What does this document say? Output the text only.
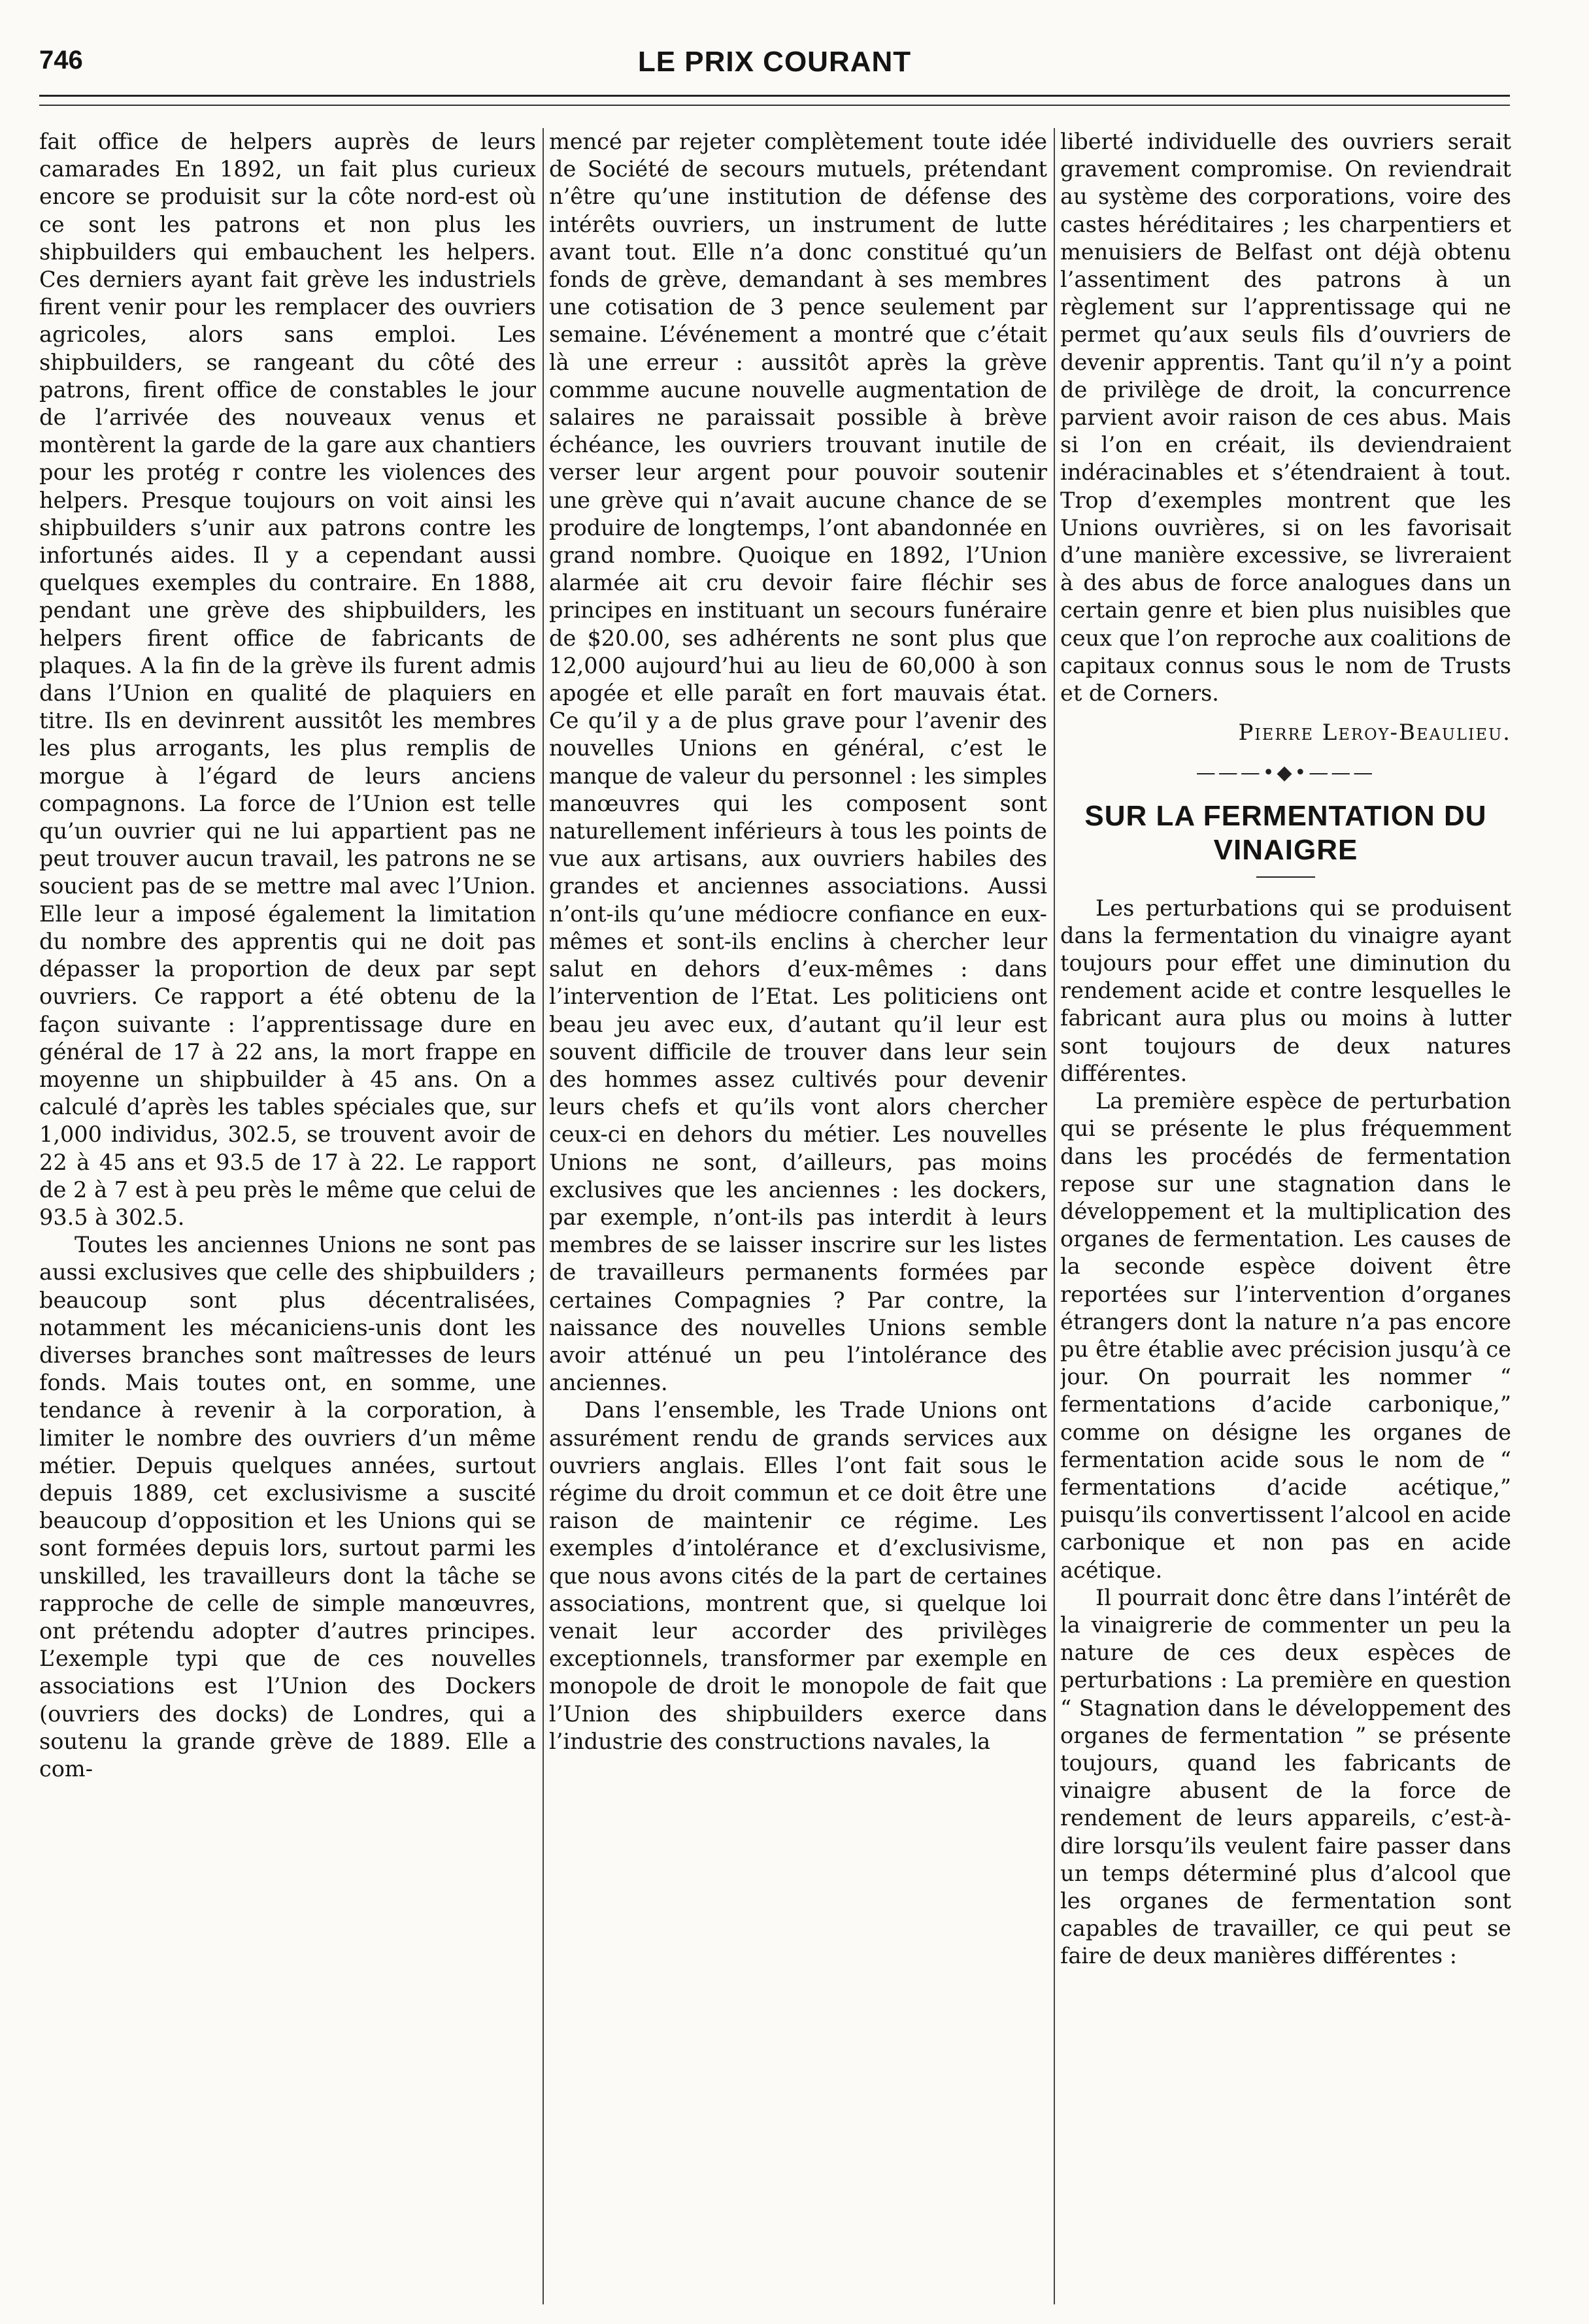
746	LE PRIX COURANT

fait office de helpers auprès de leurs camarades En 1892, un fait plus curieux encore se produisit sur la côte nord-est où ce sont les patrons et non plus les shipbuilders qui embauchent les helpers. Ces derniers ayant fait grève les industriels firent venir pour les remplacer des ouvriers agricoles, alors sans emploi. Les shipbuilders, se rangeant du côté des patrons, firent office de constables le jour de l’arrivée des nouveaux venus et montèrent la garde de la gare aux chantiers pour les protég r contre les violences des helpers. Presque toujours on voit ainsi les shipbuilders s’unir aux patrons contre les infortunés aides. Il y a cependant aussi quelques exemples du contraire. En 1888, pendant une grève des shipbuilders, les helpers firent office de fabricants de plaques. A la fin de la grève ils furent admis dans l’Union en qualité de plaquiers en titre. Ils en devinrent aussitôt les membres les plus arrogants, les plus remplis de morgue à l’égard de leurs anciens compagnons. La force de l’Union est telle qu’un ouvrier qui ne lui appartient pas ne peut trouver aucun travail, les patrons ne se soucient pas de se mettre mal avec l’Union. Elle leur a imposé également la limitation du nombre des apprentis qui ne doit pas dépasser la proportion de deux par sept ouvriers. Ce rapport a été obtenu de la façon suivante : l’apprentissage dure en général de 17 à 22 ans, la mort frappe en moyenne un shipbuilder à 45 ans. On a calculé d’après les tables spéciales que, sur 1,000 individus, 302.5, se trouvent avoir de 22 à 45 ans et 93.5 de 17 à 22. Le rapport de 2 à 7 est à peu près le même que celui de 93.5 à 302.5.

Toutes les anciennes Unions ne sont pas aussi exclusives que celle des shipbuilders ; beaucoup sont plus décentralisées, notamment les mécaniciens-unis dont les diverses branches sont maîtresses de leurs fonds. Mais toutes ont, en somme, une tendance à revenir à la corporation, à limiter le nombre des ouvriers d’un même métier. Depuis quelques années, surtout depuis 1889, cet exclusivisme a suscité beaucoup d’opposition et les Unions qui se sont formées depuis lors, surtout parmi les unskilled, les travailleurs dont la tâche se rapproche de celle de simple manœuvres, ont prétendu adopter d’autres principes. L’exemple typi que de ces nouvelles associations est l’Union des Dockers (ouvriers des docks) de Londres, qui a soutenu la grande grève de 1889. Elle a com-

mencé par rejeter complètement toute idée de Société de secours mutuels, prétendant n’être qu’une institution de défense des intérêts ouvriers, un instrument de lutte avant tout. Elle n’a donc constitué qu’un fonds de grève, demandant à ses membres une cotisation de 3 pence seulement par semaine. L’événement a montré que c’était là une erreur : aussitôt après la grève commme aucune nouvelle augmentation de salaires ne paraissait possible à brève échéance, les ouvriers trouvant inutile de verser leur argent pour pouvoir soutenir une grève qui n’avait aucune chance de se produire de longtemps, l’ont abandonnée en grand nombre. Quoique en 1892, l’Union alarmée ait cru devoir faire fléchir ses principes en instituant un secours funéraire de $20.00, ses adhérents ne sont plus que 12,000 aujourd’hui au lieu de 60,000 à son apogée et elle paraît en fort mauvais état. Ce qu’il y a de plus grave pour l’avenir des nouvelles Unions en général, c’est le manque de valeur du personnel : les simples manœuvres qui les composent sont naturellement inférieurs à tous les points de vue aux artisans, aux ouvriers habiles des grandes et anciennes associations. Aussi n’ont-ils qu’une médiocre confiance en eux-mêmes et sont-ils enclins à chercher leur salut en dehors d’eux-mêmes : dans l’intervention de l’Etat. Les politiciens ont beau jeu avec eux, d’autant qu’il leur est souvent difficile de trouver dans leur sein des hommes assez cultivés pour devenir leurs chefs et qu’ils vont alors chercher ceux-ci en dehors du métier. Les nouvelles Unions ne sont, d’ailleurs, pas moins exclusives que les anciennes : les dockers, par exemple, n’ont-ils pas interdit à leurs membres de se laisser inscrire sur les listes de travailleurs permanents formées par certaines Compagnies ? Par contre, la naissance des nouvelles Unions semble avoir atténué un peu l’intolérance des anciennes.

Dans l’ensemble, les Trade Unions ont assurément rendu de grands services aux ouvriers anglais. Elles l’ont fait sous le régime du droit commun et ce doit être une raison de maintenir ce régime. Les exemples d’intolérance et d’exclusivisme, que nous avons cités de la part de certaines associations, montrent que, si quelque loi venait leur accorder des privilèges exceptionnels, transformer par exemple en monopole de droit le monopole de fait que l’Union des shipbuilders exerce dans l’industrie des constructions navales, la

liberté individuelle des ouvriers serait gravement compromise. On reviendrait au système des corporations, voire des castes héréditaires ; les charpentiers et menuisiers de Belfast ont déjà obtenu l’assentiment des patrons à un règlement sur l’apprentissage qui ne permet qu’aux seuls fils d’ouvriers de devenir apprentis. Tant qu’il n’y a point de privilège de droit, la concurrence parvient avoir raison de ces abus. Mais si l’on en créait, ils deviendraient indéracinables et s’étendraient à tout. Trop d’exemples montrent que les Unions ouvrières, si on les favorisait d’une manière excessive, se livreraient à des abus de force analogues dans un certain genre et bien plus nuisibles que ceux que l’on reproche aux coalitions de capitaux connus sous le nom de Trusts et de Corners.

Pierre Leroy-Beaulieu.

———•◆•———

SUR LA FERMENTATION DU VINAIGRE

Les perturbations qui se produisent dans la fermentation du vinaigre ayant toujours pour effet une diminution du rendement acide et contre lesquelles le fabricant aura plus ou moins à lutter sont toujours de deux natures différentes.

La première espèce de perturbation qui se présente le plus fréquemment dans les procédés de fermentation repose sur une stagnation dans le développement et la multiplication des organes de fermentation. Les causes de la seconde espèce doivent être reportées sur l’intervention d’organes étrangers dont la nature n’a pas encore pu être établie avec précision jusqu’à ce jour. On pourrait les nommer “ fermentations d’acide carbonique,” comme on désigne les organes de fermentation acide sous le nom de “ fermentations d’acide acétique,” puisqu’ils convertissent l’alcool en acide carbonique et non pas en acide acétique.

Il pourrait donc être dans l’intérêt de la vinaigrerie de commenter un peu la nature de ces deux espèces de perturbations : La première en question “ Stagnation dans le développement des organes de fermentation ” se présente toujours, quand les fabricants de vinaigre abusent de la force de rendement de leurs appareils, c’est-à-dire lorsqu’ils veulent faire passer dans un temps déterminé plus d’alcool que les organes de fermentation sont capables de travailler, ce qui peut se faire de deux manières différentes :
